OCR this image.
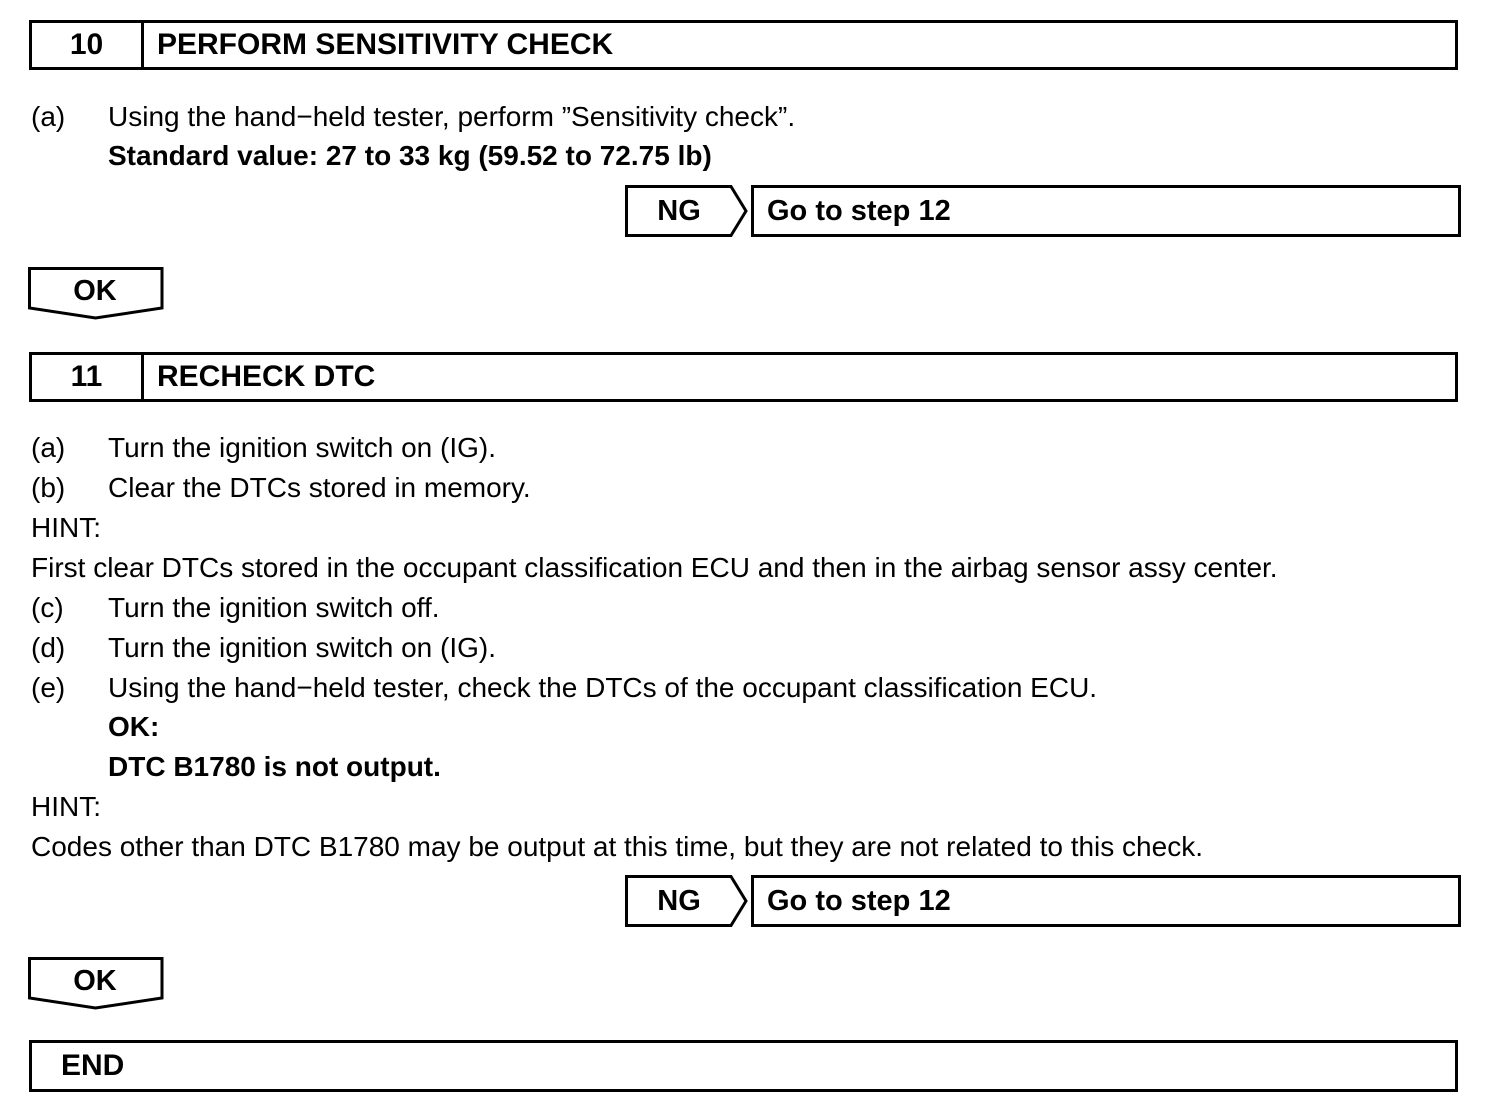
10	PERFORM SENSITIVITY CHECK
(a) Using the hand−held tester, perform ”Sensitivity check”.
Standard value: 27 to 33 kg (59.52 to 72.75 lb)
NG	Go to step 12
OK
11	RECHECK DTC
(a) Turn the ignition switch on (IG).
(b) Clear the DTCs stored in memory.
HINT:
First clear DTCs stored in the occupant classification ECU and then in the airbag sensor assy center.
(c) Turn the ignition switch off.
(d) Turn the ignition switch on (IG).
(e) Using the hand−held tester, check the DTCs of the occupant classification ECU.
OK:
DTC B1780 is not output.
HINT:
Codes other than DTC B1780 may be output at this time, but they are not related to this check.
NG	Go to step 12
OK
END
